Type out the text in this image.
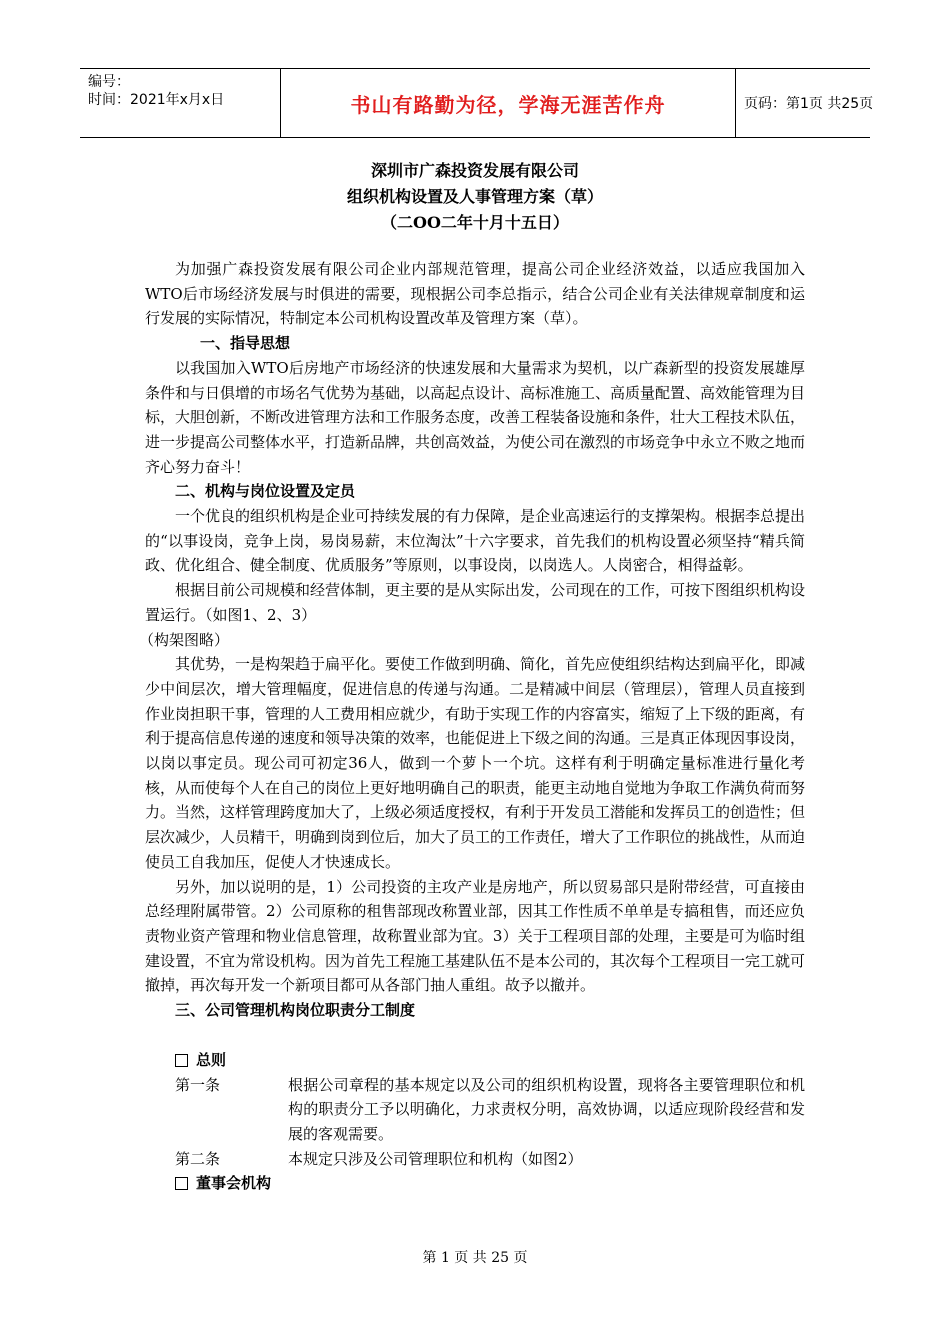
编号：
时间：2021年x月x日	书山有路勤为径，学海无涯苦作舟	页码：第1页 共25页
深圳市广森投资发展有限公司
组织机构设置及人事管理方案（草）
（二OO二年十月十五日）

为加强广森投资发展有限公司企业内部规范管理，提高公司企业经济效益，以适应我国加入WTO后市场经济发展与时俱进的需要，现根据公司李总指示，结合公司企业有关法律规章制度和运行发展的实际情况，特制定本公司机构设置改革及管理方案（草）。

一、指导思想

以我国加入WTO后房地产市场经济的快速发展和大量需求为契机，以广森新型的投资发展雄厚条件和与日俱增的市场名气优势为基础，以高起点设计、高标准施工、高质量配置、高效能管理为目标，大胆创新，不断改进管理方法和工作服务态度，改善工程装备设施和条件，壮大工程技术队伍，进一步提高公司整体水平，打造新品牌，共创高效益，为使公司在激烈的市场竞争中永立不败之地而齐心努力奋斗！

二、机构与岗位设置及定员

一个优良的组织机构是企业可持续发展的有力保障，是企业高速运行的支撑架构。根据李总提出的“以事设岗，竞争上岗，易岗易薪，末位淘汰”十六字要求，首先我们的机构设置必须坚持“精兵简政、优化组合、健全制度、优质服务”等原则，以事设岗，以岗选人。人岗密合，相得益彰。

根据目前公司规模和经营体制，更主要的是从实际出发，公司现在的工作，可按下图组织机构设置运行。（如图1、2、3）

（构架图略）

其优势，一是构架趋于扁平化。要使工作做到明确、简化，首先应使组织结构达到扁平化，即减少中间层次，增大管理幅度，促进信息的传递与沟通。二是精减中间层（管理层），管理人员直接到作业岗担职干事，管理的人工费用相应就少，有助于实现工作的内容富实，缩短了上下级的距离，有利于提高信息传递的速度和领导决策的效率，也能促进上下级之间的沟通。三是真正体现因事设岗，以岗以事定员。现公司可初定36人，做到一个萝卜一个坑。这样有利于明确定量标准进行量化考核，从而使每个人在自己的岗位上更好地明确自己的职责，能更主动地自觉地为争取工作满负荷而努力。当然，这样管理跨度加大了，上级必须适度授权，有利于开发员工潜能和发挥员工的创造性；但层次减少，人员精干，明确到岗到位后，加大了员工的工作责任，增大了工作职位的挑战性，从而迫使员工自我加压，促使人才快速成长。

另外，加以说明的是，1）公司投资的主攻产业是房地产，所以贸易部只是附带经营，可直接由总经理附属带管。2）公司原称的租售部现改称置业部，因其工作性质不单单是专搞租售，而还应负责物业资产管理和物业信息管理，故称置业部为宜。3）关于工程项目部的处理，主要是可为临时组建设置，不宜为常设机构。因为首先工程施工基建队伍不是本公司的，其次每个工程项目一完工就可撤掉，再次每开发一个新项目都可从各部门抽人重组。故予以撤并。

三、公司管理机构岗位职责分工制度

总则
第一条	根据公司章程的基本规定以及公司的组织机构设置，现将各主要管理职位和机构的职责分工予以明确化，力求责权分明，高效协调，以适应现阶段经营和发展的客观需要。
第二条	本规定只涉及公司管理职位和机构（如图2）
董事会机构
第 1 页 共 25 页
